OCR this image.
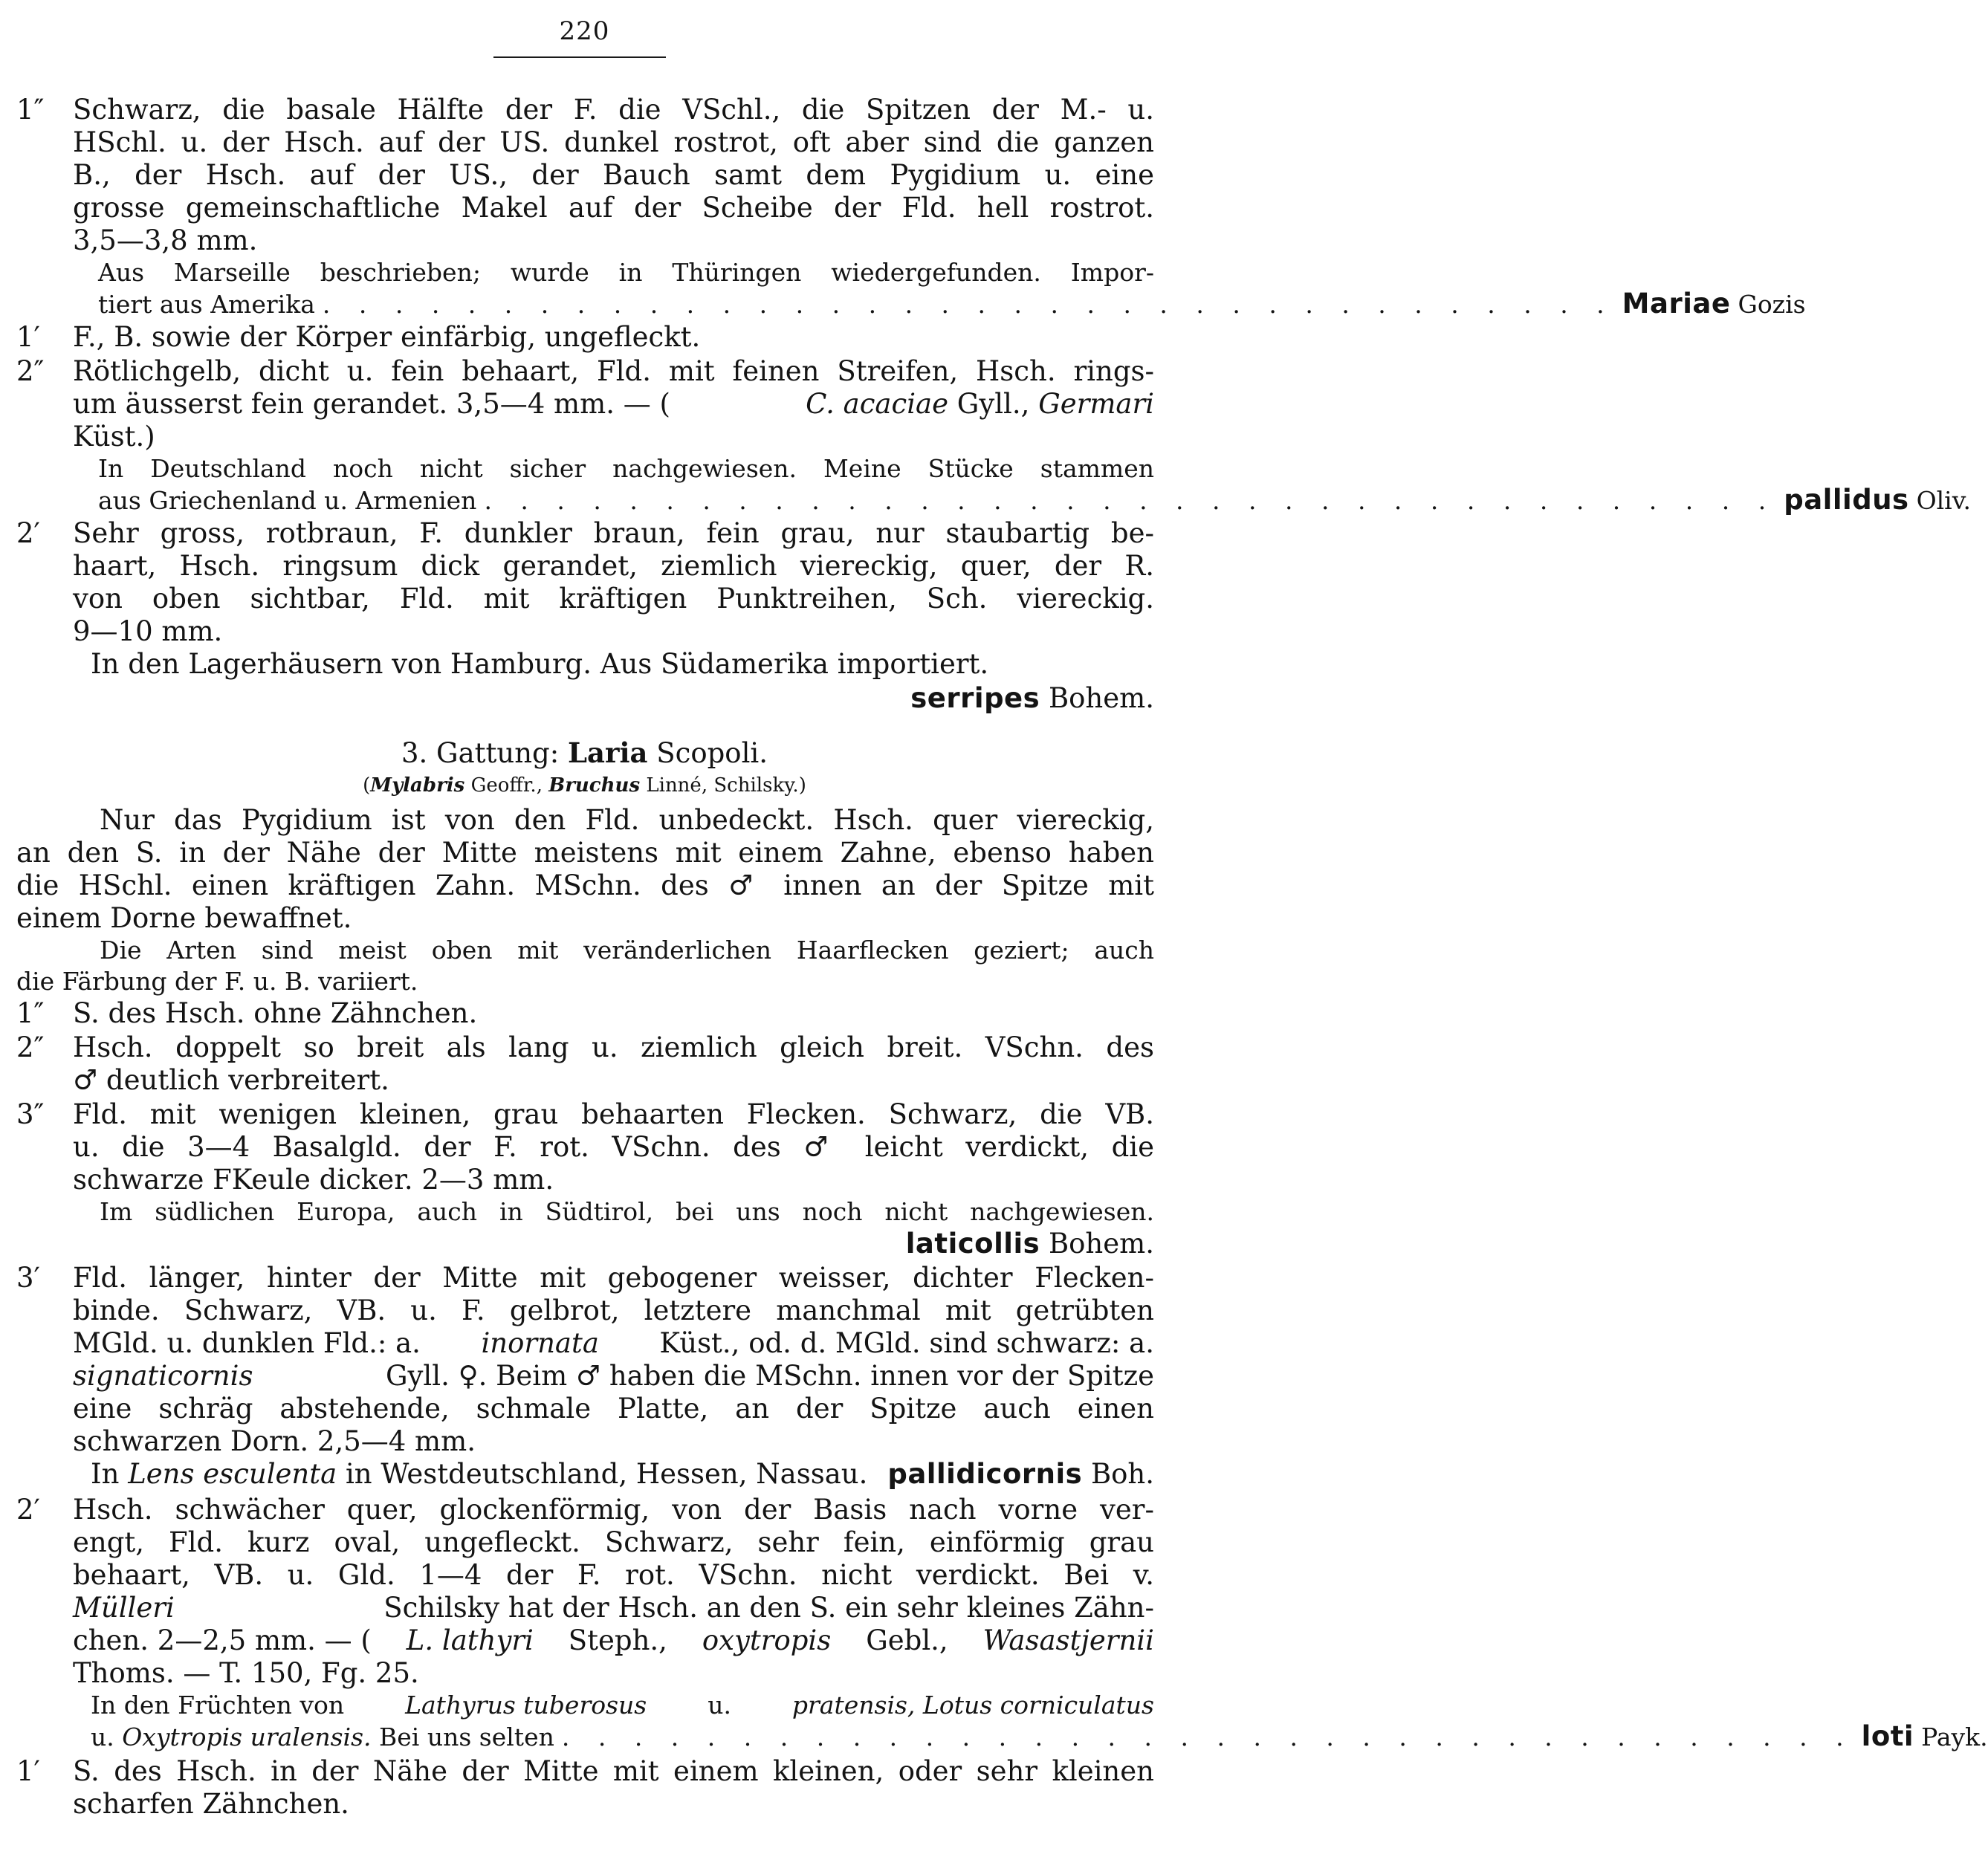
220
1″ Schwarz, die basale Hälfte der F. die VSchl., die Spitzen der M.- u.
HSchl. u. der Hsch. auf der US. dunkel rostrot, oft aber sind die ganzen
B., der Hsch. auf der US., der Bauch samt dem Pygidium u. eine
grosse gemeinschaftliche Makel auf der Scheibe der Fld. hell rostrot.
3,5—3,8 mm.
Aus Marseille beschrieben; wurde in Thüringen wiedergefunden. Impor-
tiert aus Amerika . . . . . . . . . . . . . . . . . . . . . . . . . . . . . . . . . . . . Mariae Gozis
1′ F., B. sowie der Körper einfärbig, ungefleckt.
2″ Rötlichgelb, dicht u. fein behaart, Fld. mit feinen Streifen, Hsch. rings-
um äusserst fein gerandet. 3,5—4 mm. — (	C. acaciae Gyll., Germari
Küst.)
In Deutschland noch nicht sicher nachgewiesen. Meine Stücke stammen
aus Griechenland u. Armenien . . . . . . . . . . . . . . . . . . . . . . . . . . . . . . . . . . . . pallidus Oliv.
2′ Sehr gross, rotbraun, F. dunkler braun, fein grau, nur staubartig be-
haart, Hsch. ringsum dick gerandet, ziemlich viereckig, quer, der R.
von oben sichtbar, Fld. mit kräftigen Punktreihen, Sch. viereckig.
9—10 mm.
In den Lagerhäusern von Hamburg. Aus Südamerika importiert.
serripes Bohem.
3. Gattung: Laria Scopoli.
(Mylabris Geoffr., Bruchus Linné, Schilsky.)
Nur das Pygidium ist von den Fld. unbedeckt. Hsch. quer viereckig,
an den S. in der Nähe der Mitte meistens mit einem Zahne, ebenso haben
die HSchl. einen kräftigen Zahn. MSchn. des ♂ innen an der Spitze mit
einem Dorne bewaffnet.
Die Arten sind meist oben mit veränderlichen Haarflecken geziert; auch
die Färbung der F. u. B. variiert.
1″ S. des Hsch. ohne Zähnchen.
2″ Hsch. doppelt so breit als lang u. ziemlich gleich breit. VSchn. des
♂ deutlich verbreitert.
3″ Fld. mit wenigen kleinen, grau behaarten Flecken. Schwarz, die VB.
u. die 3—4 Basalgld. der F. rot. VSchn. des ♂ leicht verdickt, die
schwarze FKeule dicker. 2—3 mm.
Im südlichen Europa, auch in Südtirol, bei uns noch nicht nachgewiesen.
laticollis Bohem.
3′ Fld. länger, hinter der Mitte mit gebogener weisser, dichter Flecken-
binde. Schwarz, VB. u. F. gelbrot, letztere manchmal mit getrübten
MGld. u. dunklen Fld.: a. inornata Küst., od. d. MGld. sind schwarz: a.
signaticornis	Gyll. ♀. Beim ♂ haben die MSchn. innen vor der Spitze
eine schräg abstehende, schmale Platte, an der Spitze auch einen
schwarzen Dorn. 2,5—4 mm.
In Lens esculenta in Westdeutschland, Hessen, Nassau. pallidicornis Boh.
2′ Hsch. schwächer quer, glockenförmig, von der Basis nach vorne ver-
engt, Fld. kurz oval, ungefleckt. Schwarz, sehr fein, einförmig grau
behaart, VB. u. Gld. 1—4 der F. rot. VSchn. nicht verdickt. Bei v.
Mülleri	Schilsky hat der Hsch. an den S. ein sehr kleines Zähn-
chen. 2—2,5 mm. — ( L. lathyri Steph., oxytropis Gebl., Wasastjernii
Thoms. — T. 150, Fg. 25.
In den Früchten von Lathyrus tuberosus u. pratensis, Lotus corniculatus
u. Oxytropis uralensis. Bei uns selten . . . . . . . . . . . . . . . . . . . . . . . . . . . . . . . . . . . . loti Payk.
1′ S. des Hsch. in der Nähe der Mitte mit einem kleinen, oder sehr kleinen
scharfen Zähnchen.
